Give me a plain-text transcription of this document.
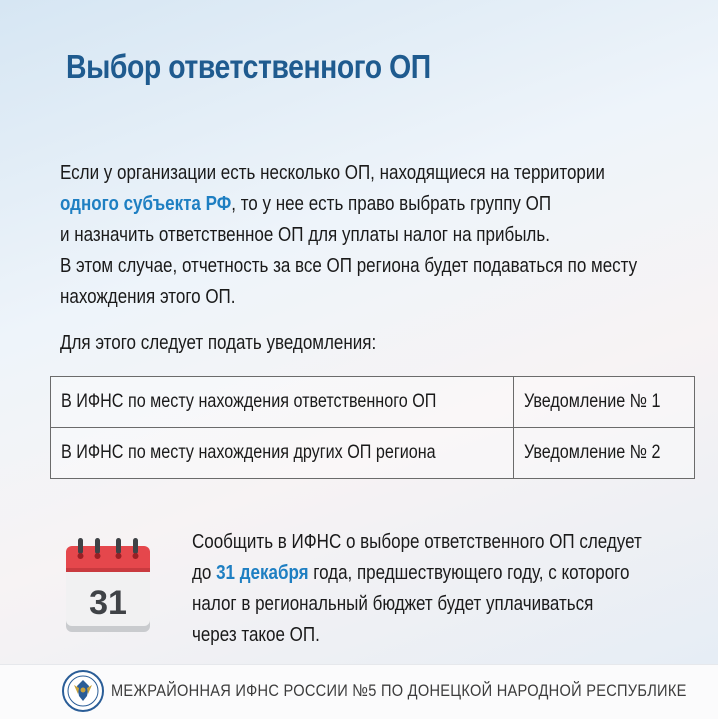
Выбор ответственного ОП
Если у организации есть несколько ОП, находящиеся на территории
одного субъекта РФ, то у нее есть право выбрать группу ОП
и назначить ответственное ОП для уплаты налог на прибыль.
В этом случае, отчетность за все ОП региона будет подаваться по месту
нахождения этого ОП.
Для этого следует подать уведомления:
В ИФНС по месту нахождения ответственного ОП	Уведомление № 1
В ИФНС по месту нахождения других ОП региона	Уведомление № 2
31
Сообщить в ИФНС о выборе ответственного ОП следует
до 31 декабря года, предшествующего году, с которого
налог в региональный бюджет будет уплачиваться
через такое ОП.
МЕЖРАЙОННАЯ ИФНС РОССИИ №5 ПО ДОНЕЦКОЙ НАРОДНОЙ РЕСПУБЛИКЕ
